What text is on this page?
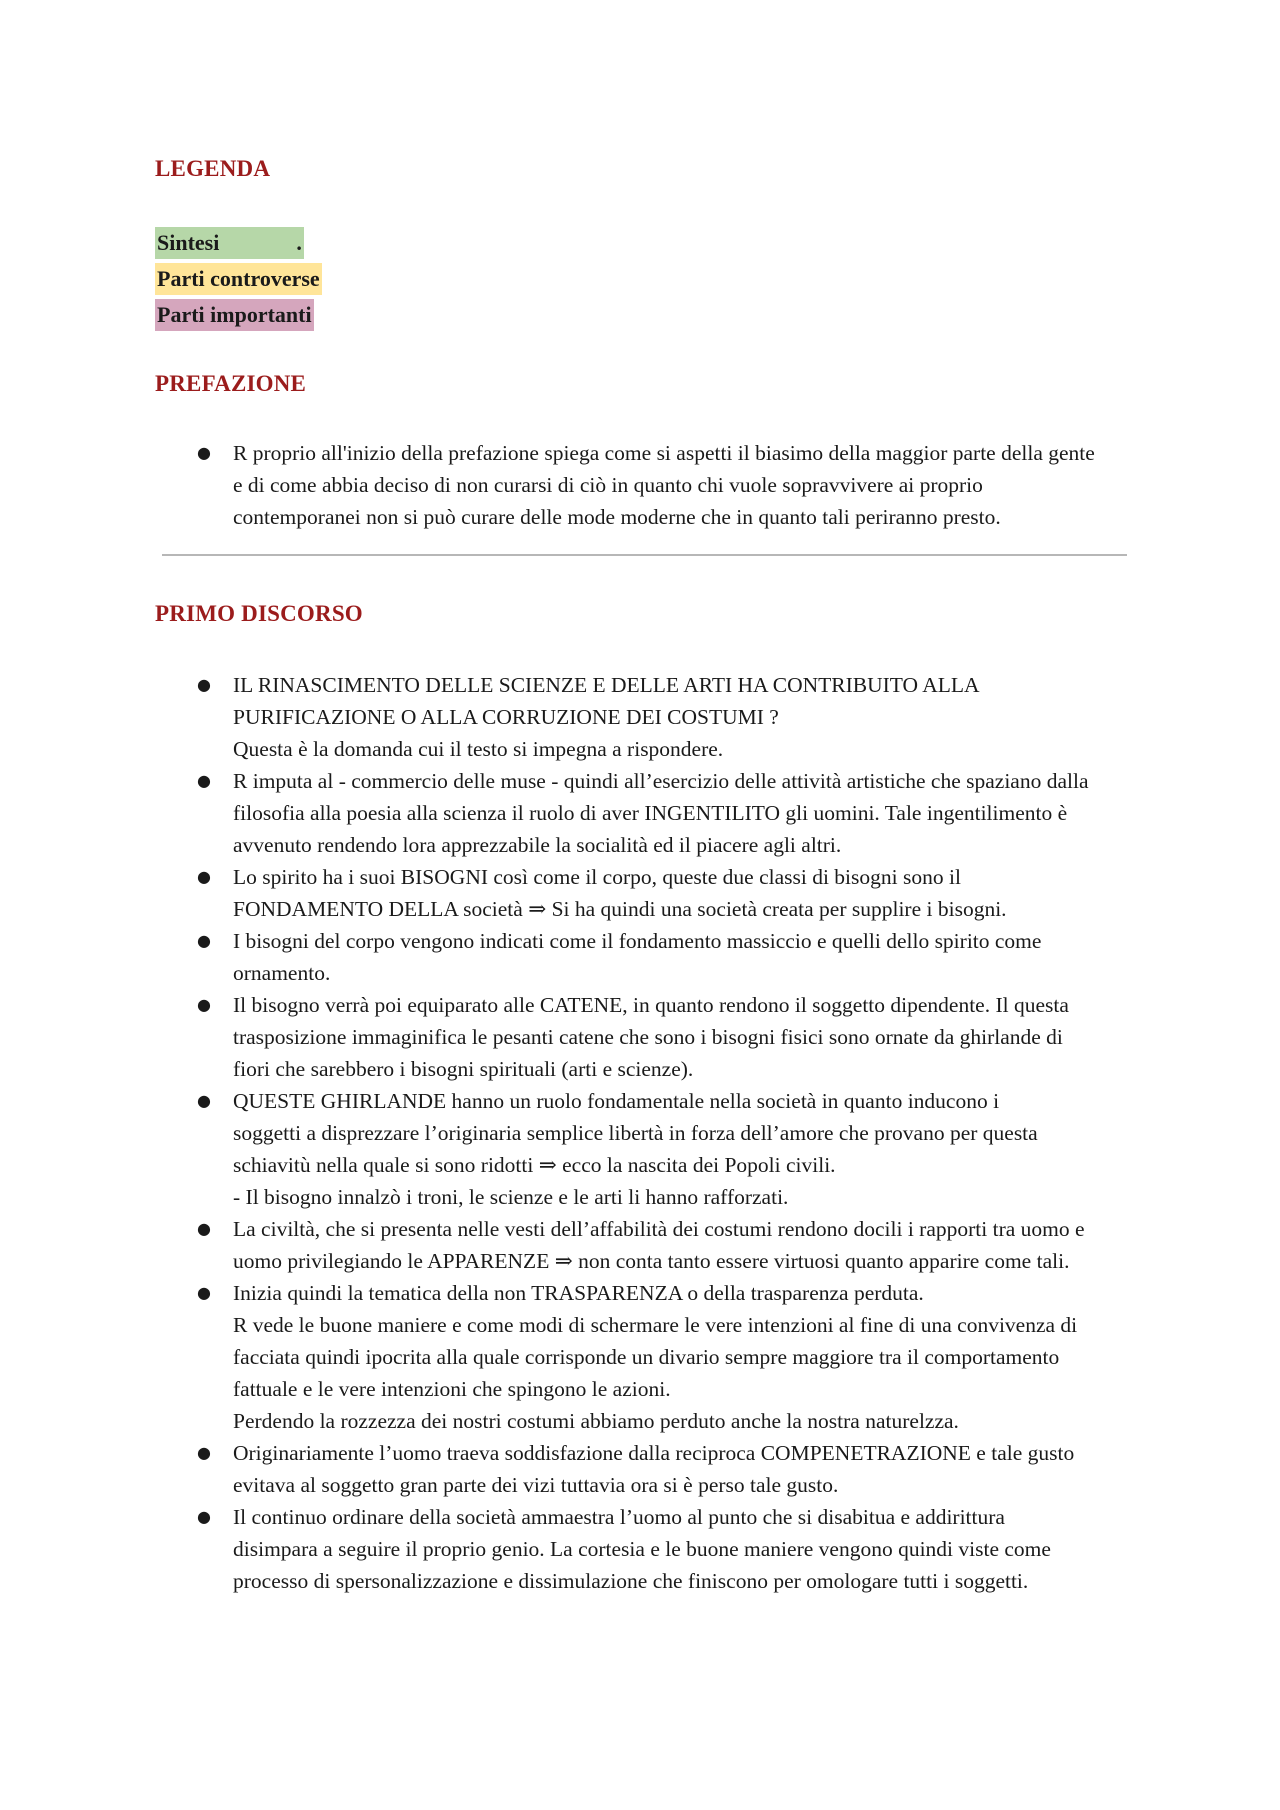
LEGENDA
Sintesi              .
Parti controverse
Parti importanti
PREFAZIONE
● R proprio all'inizio della prefazione spiega come si aspetti il biasimo della maggior parte della gente
e di come abbia deciso di non curarsi di ciò in quanto chi vuole sopravvivere ai proprio
contemporanei non si può curare delle mode moderne che in quanto tali periranno presto.
PRIMO DISCORSO
● IL RINASCIMENTO DELLE SCIENZE E DELLE ARTI HA CONTRIBUITO ALLA
PURIFICAZIONE O ALLA CORRUZIONE DEI COSTUMI ?
Questa è la domanda cui il testo si impegna a rispondere.
● R imputa al - commercio delle muse - quindi all’esercizio delle attività artistiche che spaziano dalla
filosofia alla poesia alla scienza il ruolo di aver INGENTILITO gli uomini. Tale ingentilimento è
avvenuto rendendo lora apprezzabile la socialità ed il piacere agli altri.
● Lo spirito ha i suoi BISOGNI così come il corpo, queste due classi di bisogni sono il
FONDAMENTO DELLA società ⇒ Si ha quindi una società creata per supplire i bisogni.
● I bisogni del corpo vengono indicati come il fondamento massiccio e quelli dello spirito come
ornamento.
● Il bisogno verrà poi equiparato alle CATENE, in quanto rendono il soggetto dipendente. Il questa
trasposizione immaginifica le pesanti catene che sono i bisogni fisici sono ornate da ghirlande di
fiori che sarebbero i bisogni spirituali (arti e scienze).
● QUESTE GHIRLANDE hanno un ruolo fondamentale nella società in quanto inducono i
soggetti a disprezzare l’originaria semplice libertà in forza dell’amore che provano per questa
schiavitù nella quale si sono ridotti ⇒ ecco la nascita dei Popoli civili.
- Il bisogno innalzò i troni, le scienze e le arti li hanno rafforzati.
● La civiltà, che si presenta nelle vesti dell’affabilità dei costumi rendono docili i rapporti tra uomo e
uomo privilegiando le APPARENZE ⇒ non conta tanto essere virtuosi quanto apparire come tali.
● Inizia quindi la tematica della non TRASPARENZA o della trasparenza perduta.
R vede le buone maniere e come modi di schermare le vere intenzioni al fine di una convivenza di
facciata quindi ipocrita alla quale corrisponde un divario sempre maggiore tra il comportamento
fattuale e le vere intenzioni che spingono le azioni.
Perdendo la rozzezza dei nostri costumi abbiamo perduto anche la nostra naturelzza.
● Originariamente l’uomo traeva soddisfazione dalla reciproca COMPENETRAZIONE e tale gusto
evitava al soggetto gran parte dei vizi tuttavia ora si è perso tale gusto.
● Il continuo ordinare della società ammaestra l’uomo al punto che si disabitua e addirittura
disimpara a seguire il proprio genio. La cortesia e le buone maniere vengono quindi viste come
processo di spersonalizzazione e dissimulazione che finiscono per omologare tutti i soggetti.
